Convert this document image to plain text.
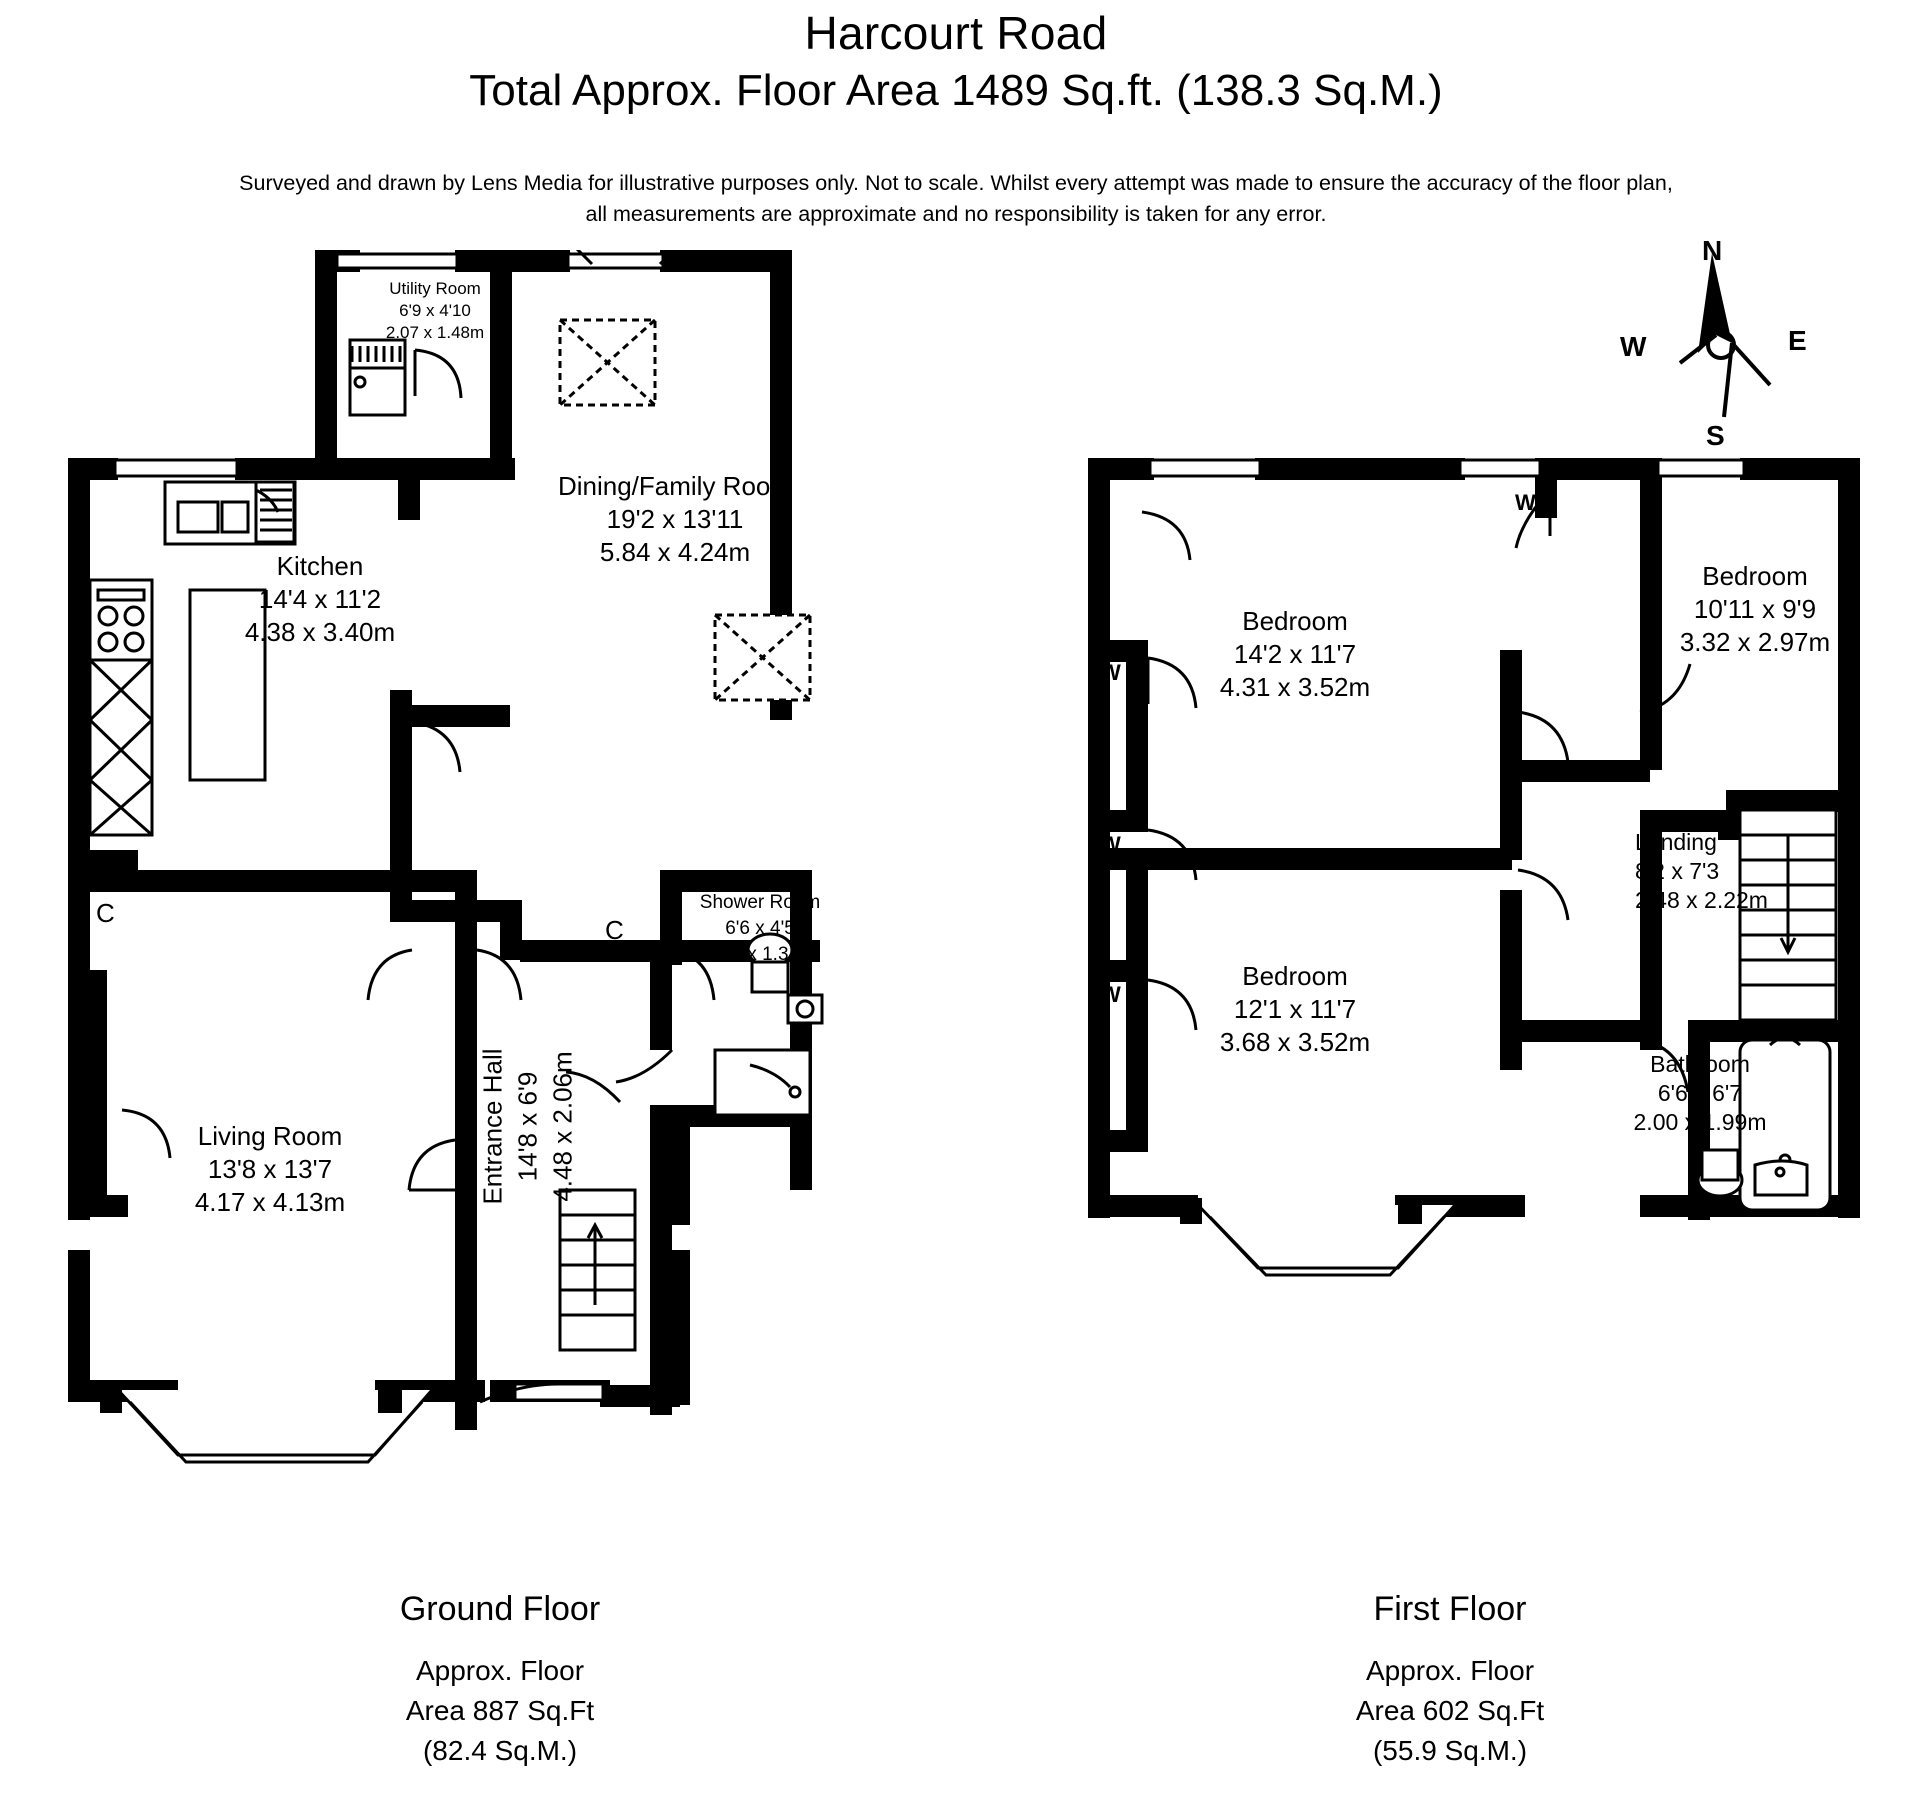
Harcourt Road
Total Approx. Floor Area 1489 Sq.ft. (138.3 Sq.M.)
Surveyed and drawn by Lens Media for illustrative purposes only. Not to scale. Whilst every attempt was made to ensure the accuracy of the floor plan,
all measurements are approximate and no responsibility is taken for any error.
N
E
S
W
Utility Room
6'9 x 4'10
2.07 x 1.48m
Dining/Family Room
19'2 x 13'11
5.84 x 4.24m
Kitchen
14'4 x 11'2
4.38 x 3.40m
Shower Room
6'6 x 4'5
1.97 x 1.34m
Living Room
13'8 x 13'7
4.17 x 4.13m	Entrance Hall 14'8 x 6'9 4.48 x 2.06m
C
C
Bedroom
10'11 x 9'9
3.32 x 2.97m
Bedroom
14'2 x 11'7
4.31 x 3.52m
Bedroom
12'1 x 11'7
3.68 x 3.52m
Landing
8'2 x 7'3
2.48 x 2.22m
Bathroom
6'6 x 6'7
2.00 x 1.99m
W
W
W
W
Ground Floor
Approx. Floor
Area 887 Sq.Ft
(82.4 Sq.M.)
First Floor
Approx. Floor
Area 602 Sq.Ft
(55.9 Sq.M.)
